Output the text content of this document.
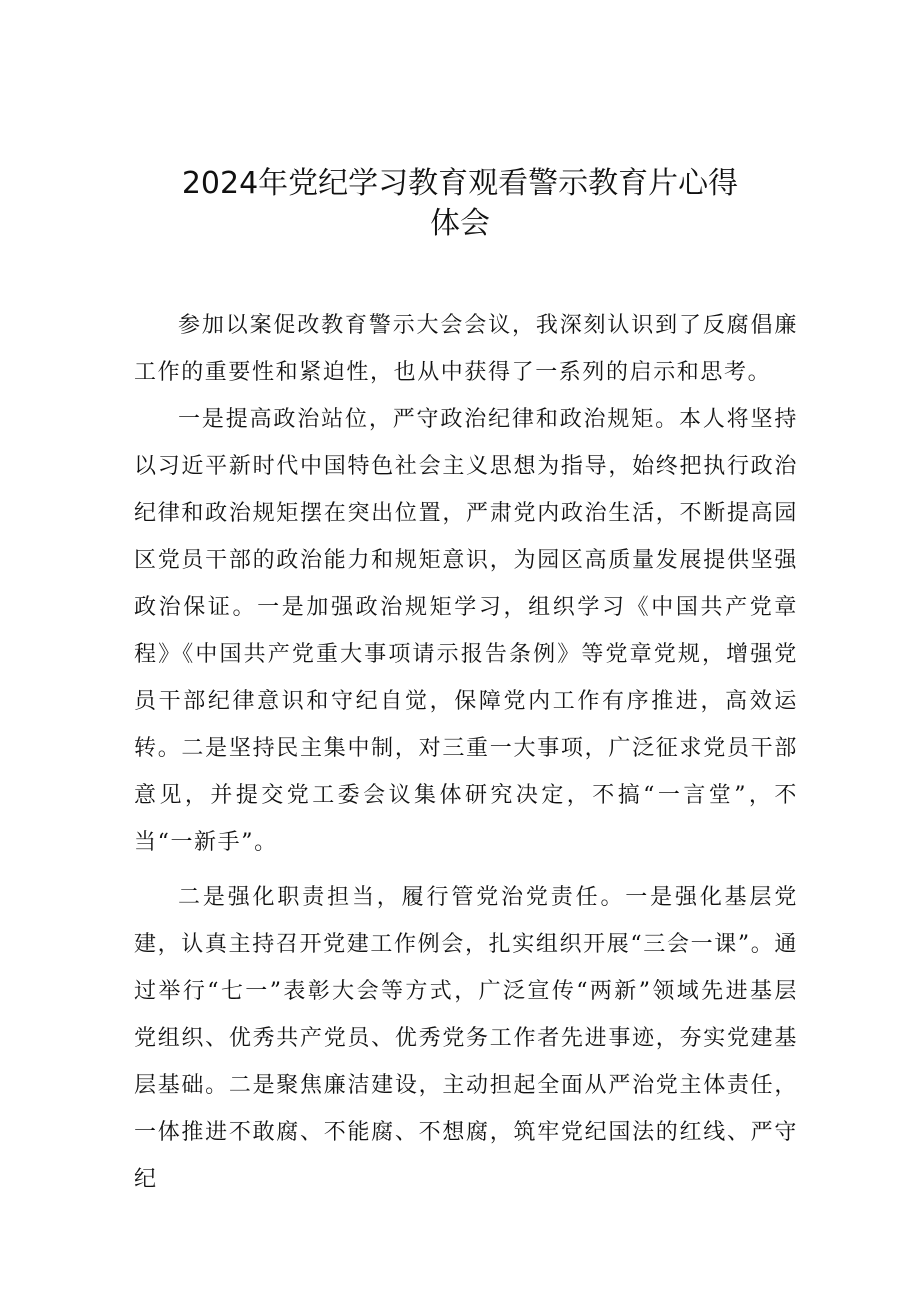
2024年党纪学习教育观看警示教育片心得
体会

参加以案促改教育警示大会会议，我深刻认识到了反腐倡廉工作的重要性和紧迫性，也从中获得了一系列的启示和思考。

一是提高政治站位，严守政治纪律和政治规矩。本人将坚持以习近平新时代中国特色社会主义思想为指导，始终把执行政治纪律和政治规矩摆在突出位置，严肃党内政治生活，不断提高园区党员干部的政治能力和规矩意识，为园区高质量发展提供坚强政治保证。一是加强政治规矩学习，组织学习《中国共产党章程》《中国共产党重大事项请示报告条例》等党章党规，增强党员干部纪律意识和守纪自觉，保障党内工作有序推进，高效运转。二是坚持民主集中制，对三重一大事项，广泛征求党员干部意见，并提交党工委会议集体研究决定，不搞“一言堂”，不当“一新手”。

二是强化职责担当，履行管党治党责任。一是强化基层党建，认真主持召开党建工作例会，扎实组织开展“三会一课”。通过举行“七一”表彰大会等方式，广泛宣传“两新”领域先进基层党组织、优秀共产党员、优秀党务工作者先进事迹，夯实党建基层基础。二是聚焦廉洁建设，主动担起全面从严治党主体责任，一体推进不敢腐、不能腐、不想腐，筑牢党纪国法的红线、严守纪
